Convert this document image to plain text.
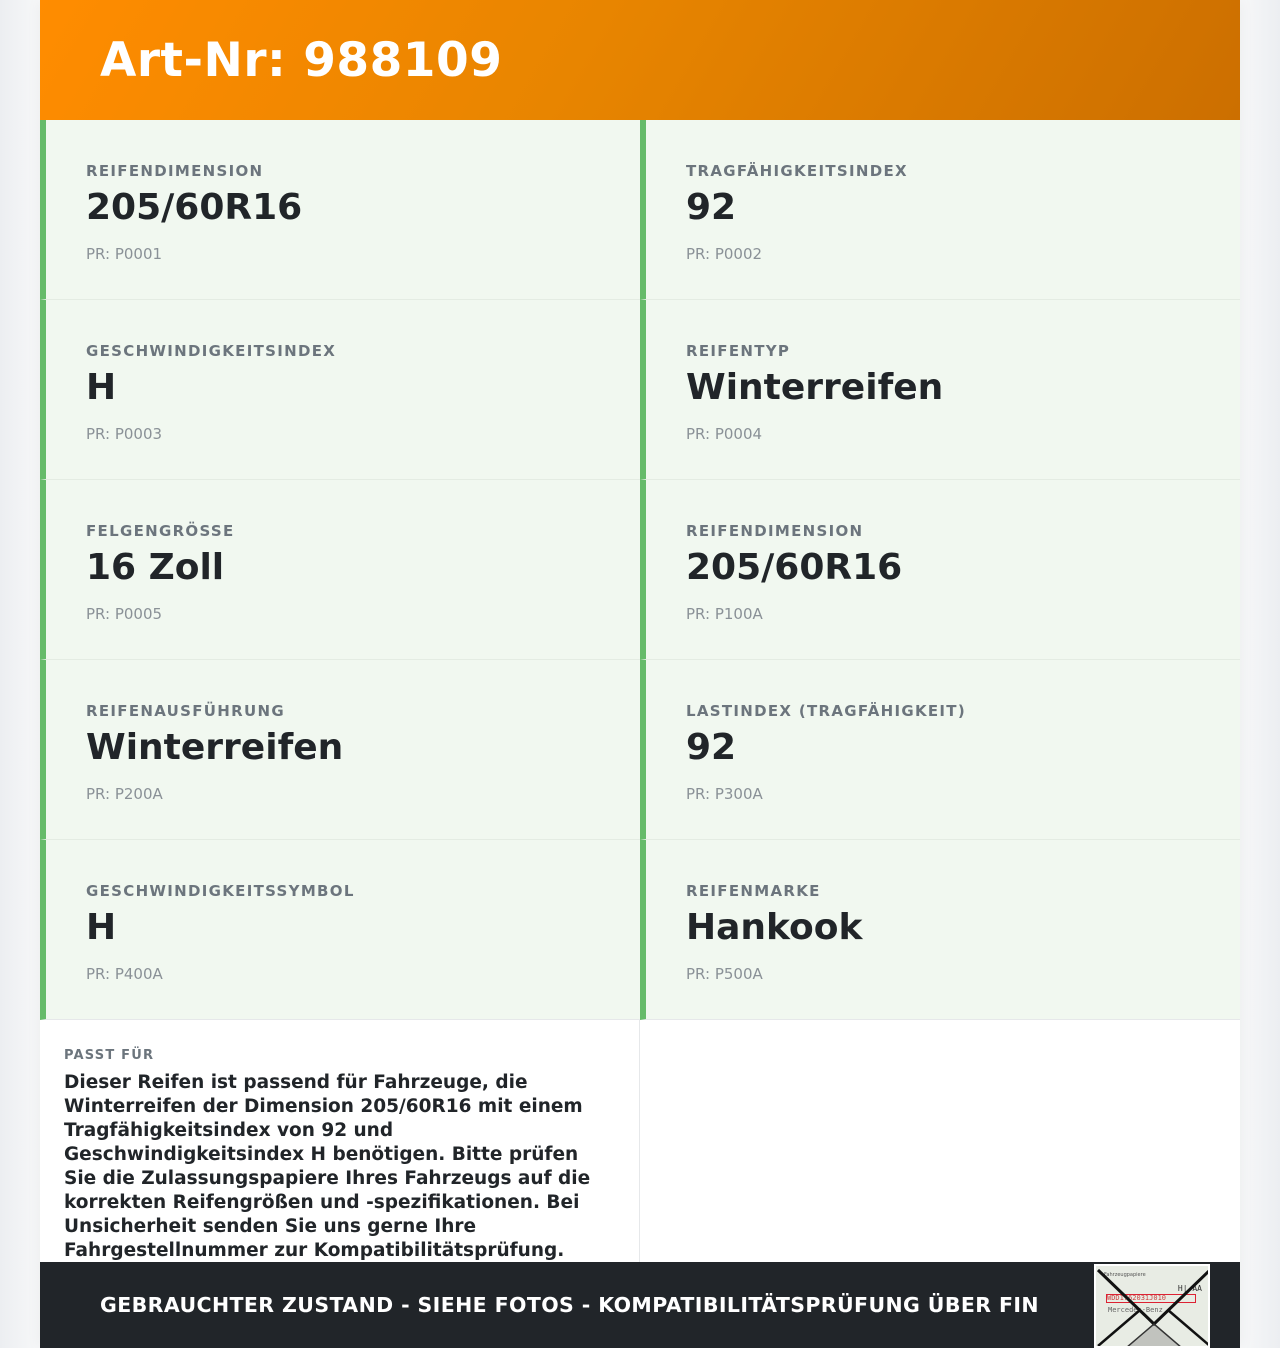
Art-Nr: 988109
REIFENDIMENSION
205/60R16
PR: P0001
TRAGFÄHIGKEITSINDEX
92
PR: P0002
GESCHWINDIGKEITSINDEX
H
PR: P0003
REIFENTYP
Winterreifen
PR: P0004
FELGENGRÖSSE
16 Zoll
PR: P0005
REIFENDIMENSION
205/60R16
PR: P100A
REIFENAUSFÜHRUNG
Winterreifen
PR: P200A
LASTINDEX (TRAGFÄHIGKEIT)
92
PR: P300A
GESCHWINDIGKEITSSYMBOL
H
PR: P400A
REIFENMARKE
Hankook
PR: P500A
PASST FÜR
Dieser Reifen ist passend für Fahrzeuge, die Winterreifen der Dimension 205/60R16 mit einem Tragfähigkeitsindex von 92 und Geschwindigkeitsindex H benötigen. Bitte prüfen Sie die Zulassungspapiere Ihres Fahrzeugs auf die korrekten Reifengrößen und -spezifikationen. Bei Unsicherheit senden Sie uns gerne Ihre Fahrgestellnummer zur Kompatibilitätsprüfung.
GEBRAUCHTER ZUSTAND - SIEHE FOTOS - KOMPATIBILITÄTSPRÜFUNG ÜBER FIN
Fahrzeugpapiere
H| AA
WDD1762031J010
Mercedes-Benz
